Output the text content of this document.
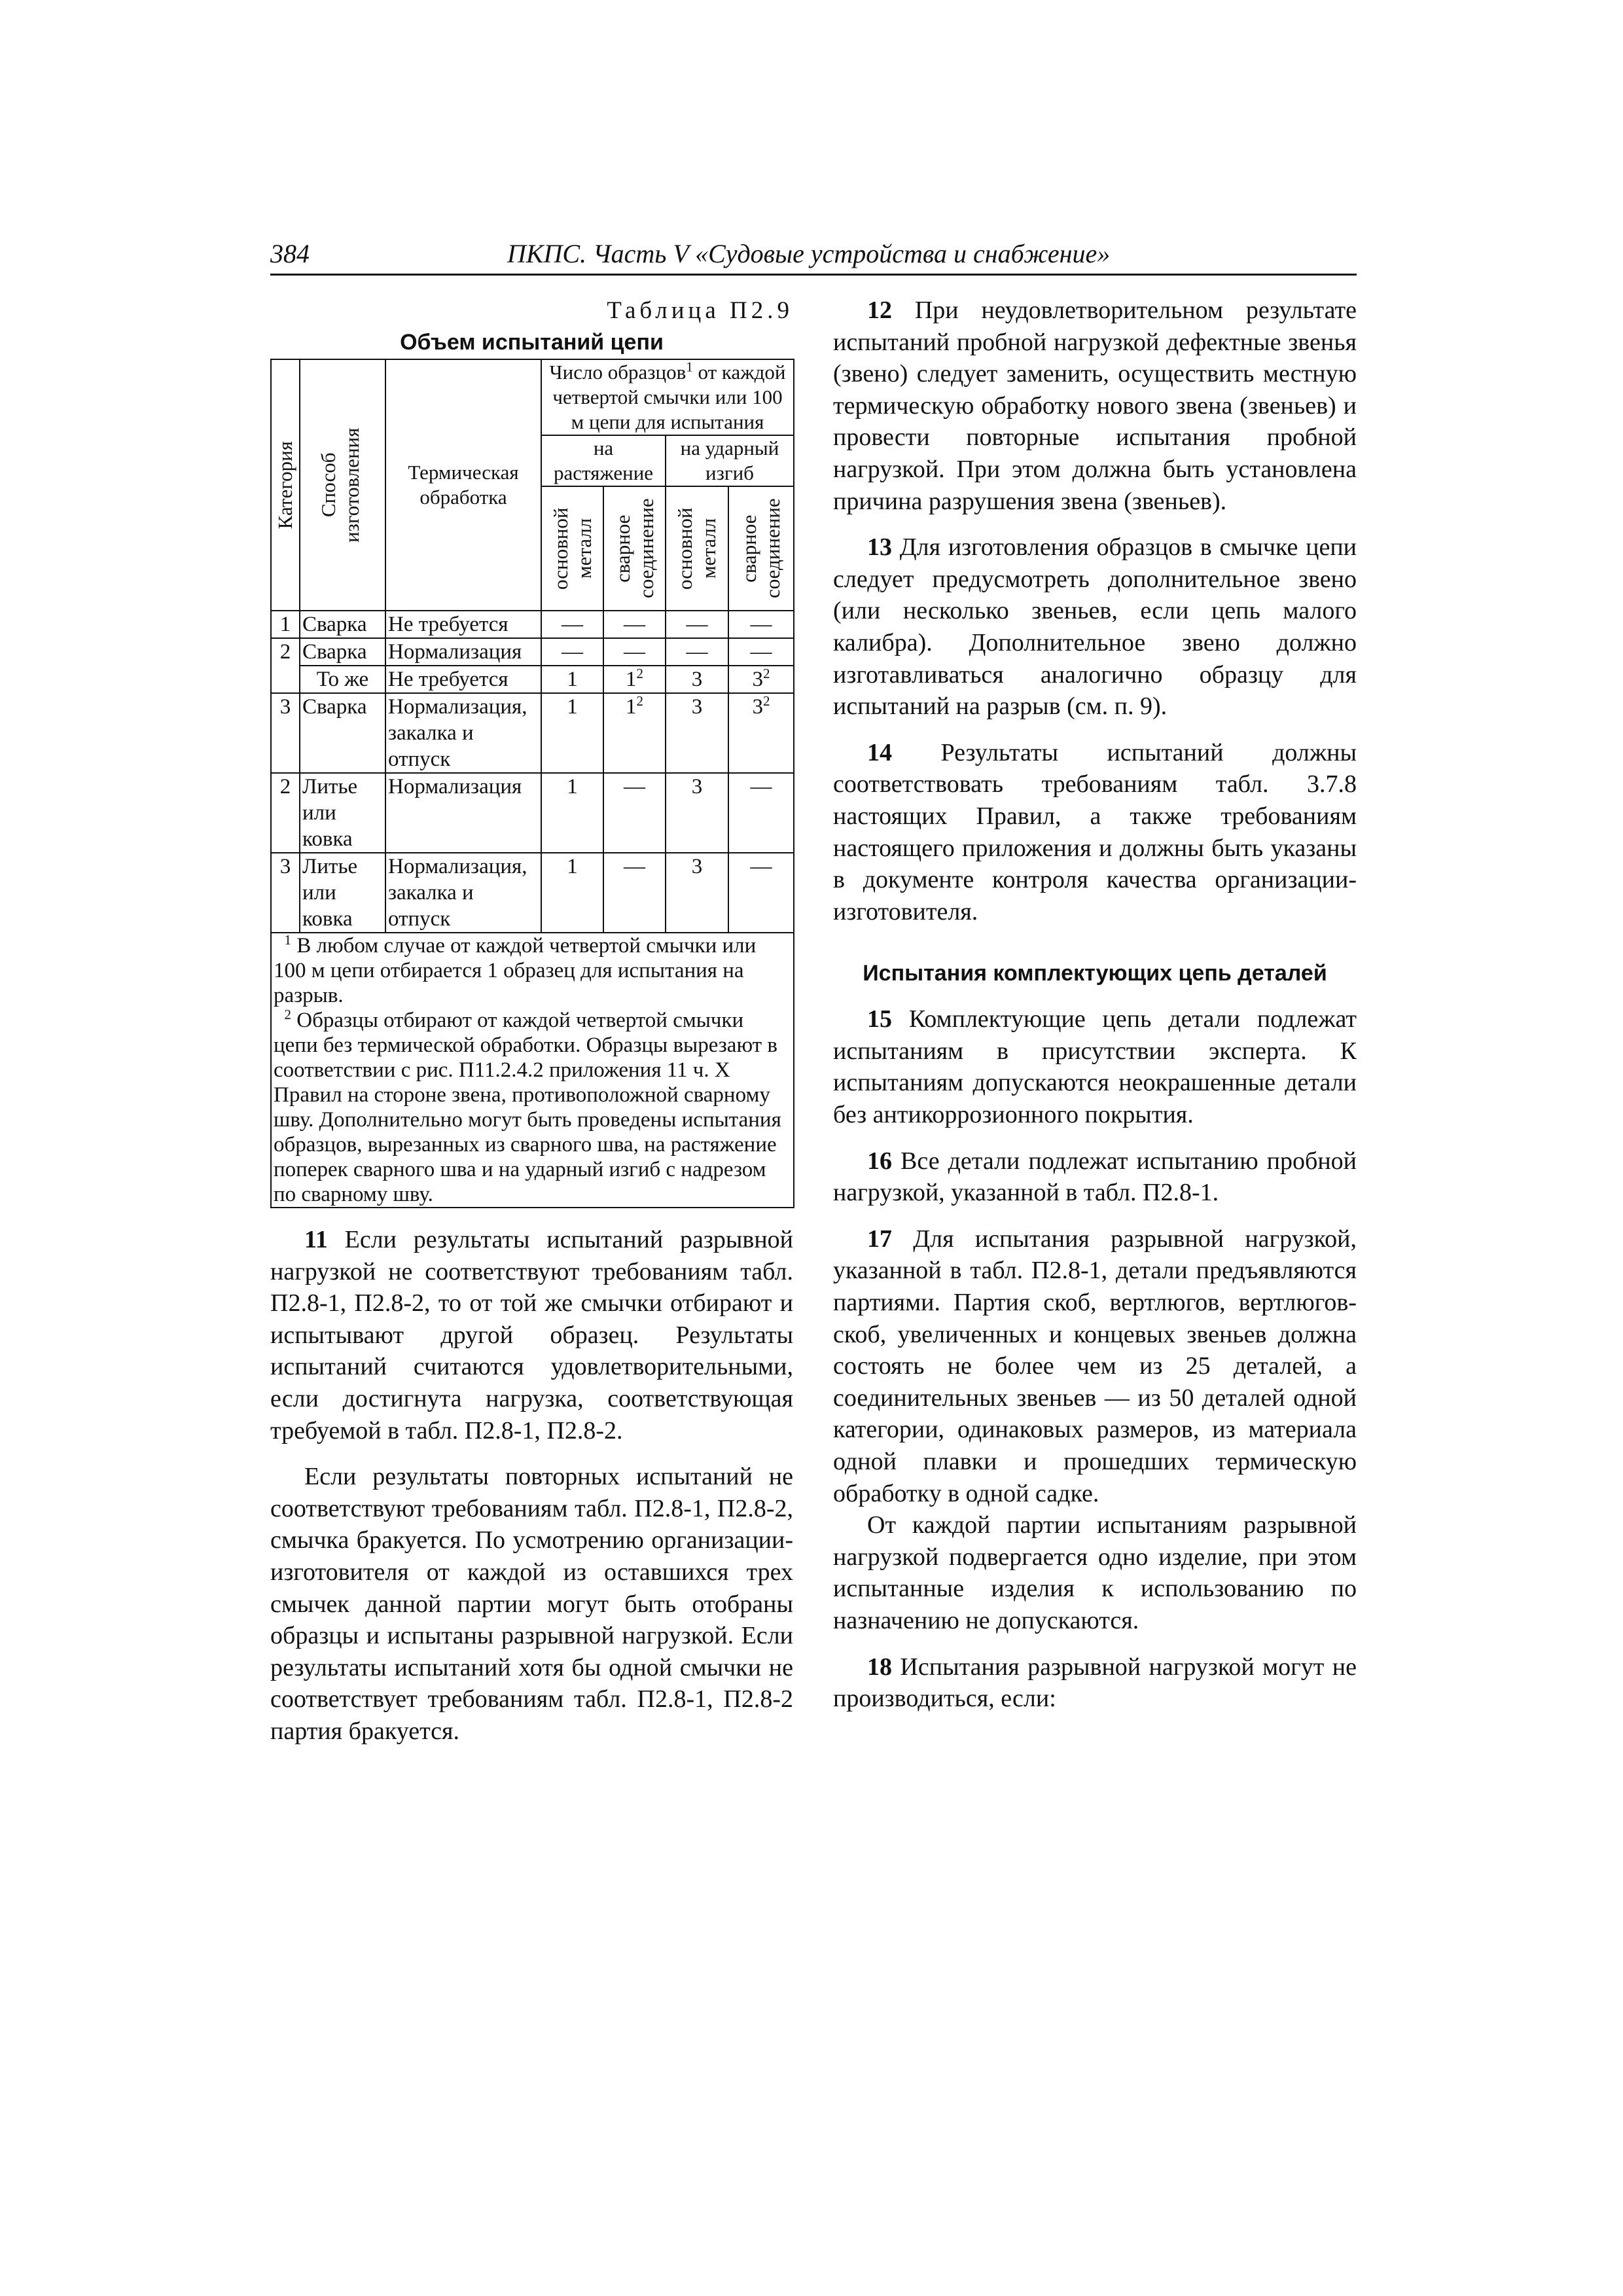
384	ПКПС. Часть V «Судовые устройства и снабжение»
Таблица П2.9
Объем испытаний цепи
Категория	Способ изготовления	Термическая обработка	Число образцов$^1$ от каждой четвертой смычки или 100 м цепи для испытания			
			на растяжение		на ударный изгиб	

			основной металл	сварное соединение	основной металл	сварное соединение

1	Сварка	Не требуется	—	—	—	—
2	Сварка	Нормализация	—	—	—	—
	То же	Не требуется	1	$1^2$	3	$3^2$
3	Сварка	Нормализация, закалка и отпуск	1	$1^2$	3	$3^2$
2	Литье или ковка	Нормализация	1	—	3	—
3	Литье или ковка	Нормализация, закалка и отпуск	1	—	3	—

$^1$ В любом случае от каждой четвертой смычки или 100 м цепи отбирается 1 образец для испытания на разрыв.

$^2$ Образцы отбирают от каждой четвертой смычки цепи без термической обработки. Образцы вырезают в соответствии с рис. П11.2.4.2 приложения 11 ч. X Правил на стороне звена, противоположной сварному шву. Дополнительно могут быть проведены испытания образцов, вырезанных из сварного шва, на растяжение поперек сварного шва и на ударный изгиб с надрезом по сварному шву.						

11 Если результаты испытаний разрывной нагрузкой не соответствуют требованиям табл. П2.8-1, П2.8-2, то от той же смычки отбирают и испытывают другой образец. Результаты испытаний считаются удовлетворительными, если достигнута нагрузка, соответствующая требуемой в табл. П2.8-1, П2.8-2.

Если результаты повторных испытаний не соответствуют требованиям табл. П2.8-1, П2.8-2, смычка бракуется. По усмотрению организации-изготовителя от каждой из оставшихся трех смычек данной партии могут быть отобраны образцы и испытаны разрывной нагрузкой. Если результаты испытаний хотя бы одной смычки не соответствует требованиям табл. П2.8-1, П2.8-2 партия бракуется.

12 При неудовлетворительном результате испытаний пробной нагрузкой дефектные звенья (звено) следует заменить, осуществить местную термическую обработку нового звена (звеньев) и провести повторные испытания пробной нагрузкой. При этом должна быть установлена причина разрушения звена (звеньев).

13 Для изготовления образцов в смычке цепи следует предусмотреть дополнительное звено (или несколько звеньев, если цепь малого калибра). Дополнительное звено должно изготавливаться аналогично образцу для испытаний на разрыв (см. п. 9).

14 Результаты испытаний должны соответствовать требованиям табл. 3.7.8 настоящих Правил, а также требованиям настоящего приложения и должны быть указаны в документе контроля качества организации-изготовителя.

Испытания комплектующих цепь деталей

15 Комплектующие цепь детали подлежат испытаниям в присутствии эксперта. К испытаниям допускаются неокрашенные детали без антикоррозионного покрытия.

16 Все детали подлежат испытанию пробной нагрузкой, указанной в табл. П2.8-1.

17 Для испытания разрывной нагрузкой, указанной в табл. П2.8-1, детали предъявляются партиями. Партия скоб, вертлюгов, вертлюгов-скоб, увеличенных и концевых звеньев должна состоять не более чем из 25 деталей, а соединительных звеньев — из 50 деталей одной категории, одинаковых размеров, из материала одной плавки и прошедших термическую обработку в одной садке.

От каждой партии испытаниям разрывной нагрузкой подвергается одно изделие, при этом испытанные изделия к использованию по назначению не допускаются.

18 Испытания разрывной нагрузкой могут не производиться, если:
